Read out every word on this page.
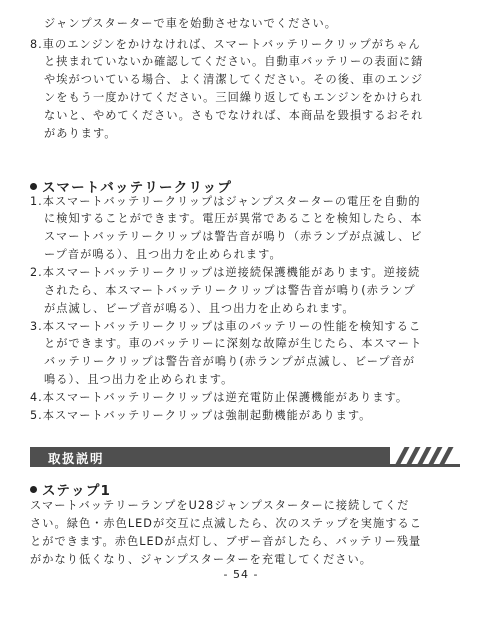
ジャンプスターターで車を始動させないでください。
8.車のエンジンをかけなければ、スマートバッテリークリップがちゃん
と挟まれていないか確認してください。自動車バッテリーの表面に錆
や埃がついている場合、よく清潔してください。その後、車のエンジ
ンをもう一度かけてください。三回繰り返してもエンジンをかけられ
ないと、やめてください。さもでなければ、本商品を毀損するおそれ
があります。
スマートバッテリークリップ
1.本スマートバッテリークリップはジャンプスターターの電圧を自動的
に検知することができます。電圧が異常であることを検知したら、本
スマートバッテリークリップは警告音が鳴り（赤ランプが点滅し、ビ
ープ音が鳴る）、且つ出力を止められます。
2.本スマートバッテリークリップは逆接続保護機能があります。逆接続
されたら、本スマートバッテリークリップは警告音が鳴り(赤ランプ
が点滅し、ビープ音が鳴る）、且つ出力を止められます。
3.本スマートバッテリークリップは車のバッテリーの性能を検知するこ
とができます。車のバッテリーに深刻な故障が生じたら、本スマート
バッテリークリップは警告音が鳴り(赤ランプが点滅し、ビープ音が
鳴る）、且つ出力を止められます。
4.本スマートバッテリークリップは逆充電防止保護機能があります。
5.本スマートバッテリークリップは強制起動機能があります。
取扱説明
ステップ1
スマートバッテリーランプをU28ジャンプスターターに接続してくだ
さい。緑色・赤色LEDが交互に点滅したら、次のステップを実施するこ
とができます。赤色LEDが点灯し、ブザー音がしたら、バッテリー残量
がかなり低くなり、ジャンプスターターを充電してください。
- 54 -
